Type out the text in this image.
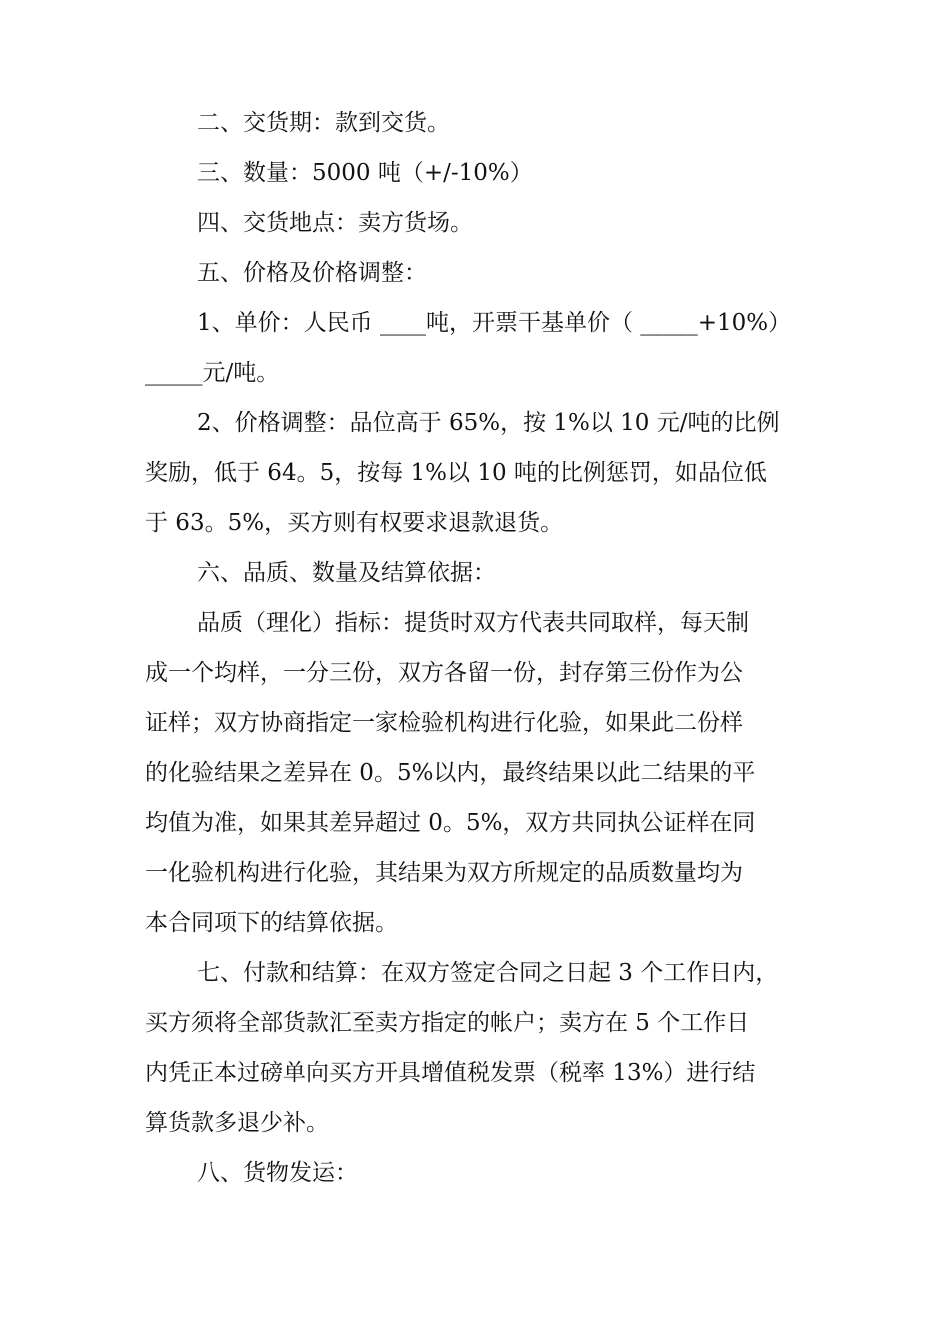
二、交货期：款到交货。

三、数量：5000 吨（+/-10%）

四、交货地点：卖方货场。

五、价格及价格调整：

1、单价：人民币 ____吨，开票干基单价（ _____+10%）
_____元/吨。

2、价格调整：品位高于 65%，按 1%以 10 元/吨的比例
奖励，低于 64。5，按每 1%以 10 吨的比例惩罚，如品位低
于 63。5%，买方则有权要求退款退货。

六、品质、数量及结算依据：

品质（理化）指标：提货时双方代表共同取样，每天制
成一个均样，一分三份，双方各留一份，封存第三份作为公
证样；双方协商指定一家检验机构进行化验，如果此二份样
的化验结果之差异在 0。5%以内，最终结果以此二结果的平
均值为准，如果其差异超过 0。5%，双方共同执公证样在同
一化验机构进行化验，其结果为双方所规定的品质数量均为
本合同项下的结算依据。

七、付款和结算：在双方签定合同之日起 3 个工作日内，
买方须将全部货款汇至卖方指定的帐户；卖方在 5 个工作日
内凭正本过磅单向买方开具增值税发票（税率 13%）进行结
算货款多退少补。

八、货物发运：
